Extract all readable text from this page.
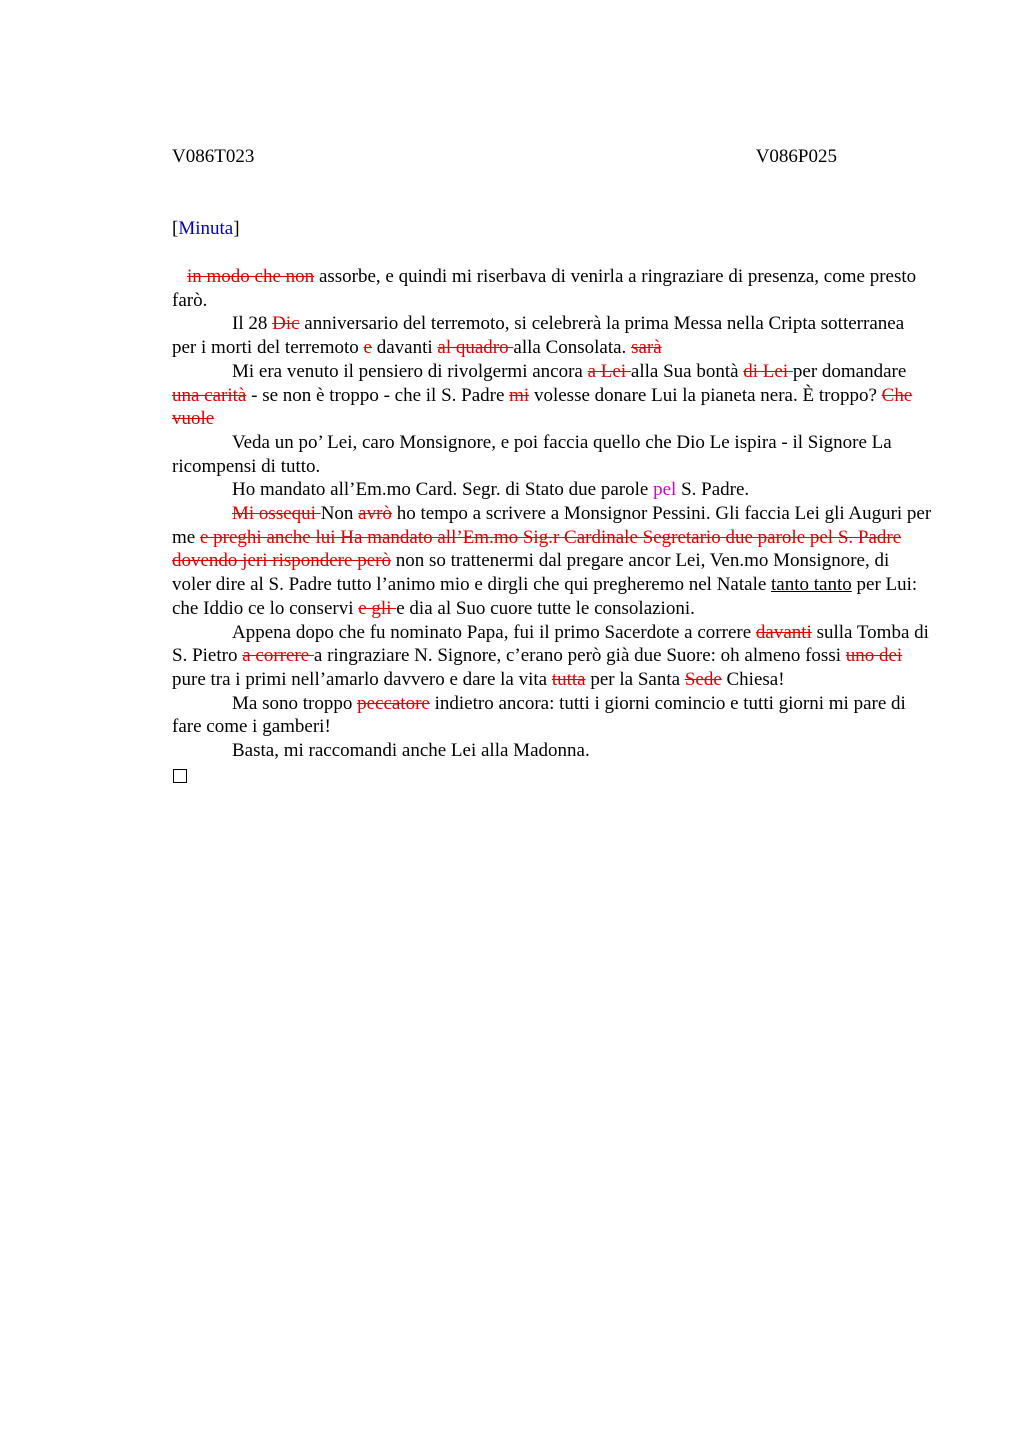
V086T023	V086P025
[Minuta]

in modo che non assorbe, e quindi mi riserbava di venirla a ringraziare di presenza, come presto farò.

Il 28 Dic anniversario del terremoto, si celebrerà la prima Messa nella Cripta sotterranea per i morti del terremoto e davanti al quadro alla Consolata. sarà

Mi era venuto il pensiero di rivolgermi ancora a Lei alla Sua bontà di Lei per domandare una carità - se non è troppo - che il S. Padre mi volesse donare Lui la pianeta nera. È troppo? Che vuole

Veda un po’ Lei, caro Monsignore, e poi faccia quello che Dio Le ispira - il Signore La ricompensi di tutto.

Ho mandato all’Em.mo Card. Segr. di Stato due parole pel S. Padre.

Mi ossequi Non avrò ho tempo a scrivere a Monsignor Pessini. Gli faccia Lei gli Auguri per me e preghi anche lui Ha mandato all’Em.mo Sig.r Cardinale Segretario due parole pel S. Padre dovendo jeri rispondere però non so trattenermi dal pregare ancor Lei, Ven.mo Monsignore, di voler dire al S. Padre tutto l’animo mio e dirgli che qui pregheremo nel Natale tanto tanto per Lui: che Iddio ce lo conservi e gli e dia al Suo cuore tutte le consolazioni.

Appena dopo che fu nominato Papa, fui il primo Sacerdote a correre davanti sulla Tomba di S. Pietro a correre a ringraziare N. Signore, c’erano però già due Suore: oh almeno fossi uno dei pure tra i primi nell’amarlo davvero e dare la vita tutta per la Santa Sede Chiesa!

Ma sono troppo peccatore indietro ancora: tutti i giorni comincio e tutti giorni mi pare di fare come i gamberi!

Basta, mi raccomandi anche Lei alla Madonna.
